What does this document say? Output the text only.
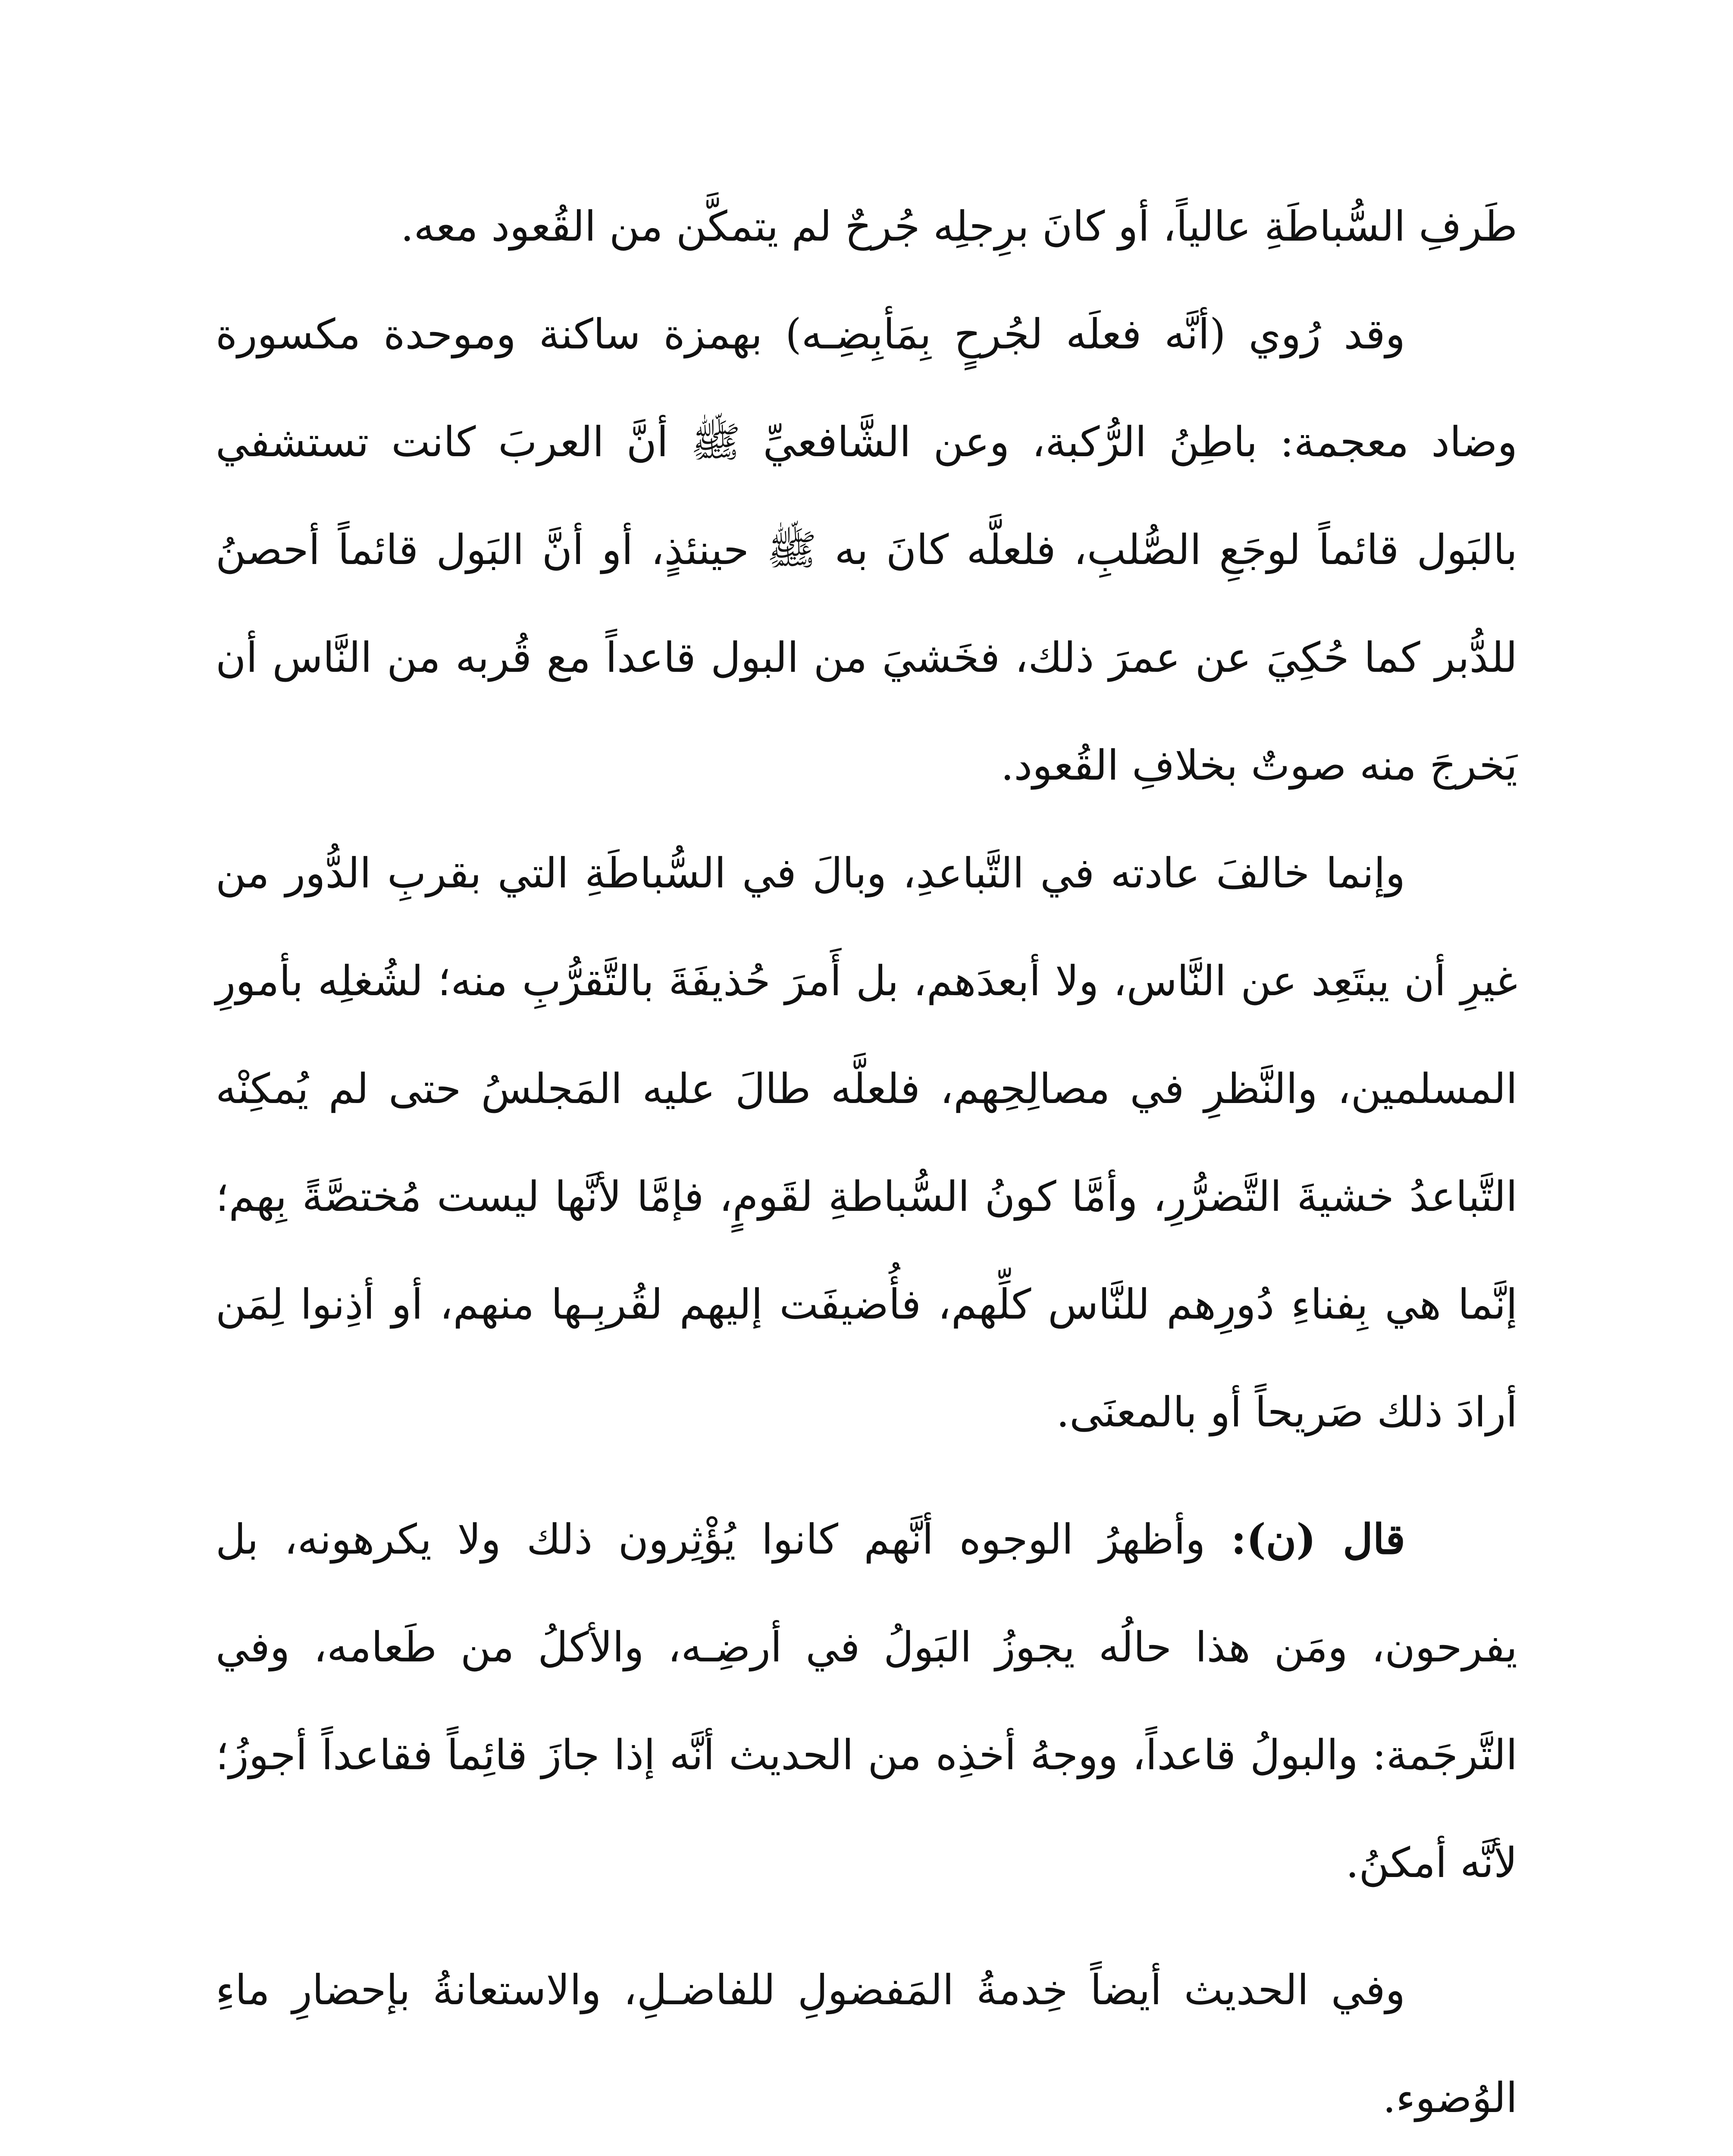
طَرفِ السُّباطَةِ عالياً، أو كانَ برِجلِه جُرحٌ لم يتمكَّن من القُعود معه.

وقد رُوي (أنَّه فعلَه لجُرحٍ بِمَأبِضِـه) بهمزة ساكنة وموحدة مكسورة وضاد معجمة: باطِنُ الرُّكبة، وعن الشَّافعيِّ ﷺ أنَّ العربَ كانت تستشفي بالبَول قائماً لوجَعِ الصُّلبِ، فلعلَّه كانَ به ﷺ حينئذٍ، أو أنَّ البَول قائماً أحصنُ للدُّبر كما حُكِيَ عن عمرَ ذلك، فخَشيَ من البول قاعداً مع قُربه من النَّاس أن يَخرجَ منه صوتٌ بخلافِ القُعود.

وإنما خالفَ عادته في التَّباعدِ، وبالَ في السُّباطَةِ التي بقربِ الدُّور من غيرِ أن يبتَعِد عن النَّاس، ولا أبعدَهم، بل أَمرَ حُذيفَةَ بالتَّقرُّبِ منه؛ لشُغلِه بأمورِ المسلمين، والنَّظرِ في مصالِحِهم، فلعلَّه طالَ عليه المَجلسُ حتى لم يُمكِنْه التَّباعدُ خشيةَ التَّضرُّرِ، وأمَّا كونُ السُّباطةِ لقَومٍ، فإمَّا لأنَّها ليست مُختصَّةً بِهم؛ إنَّما هي بِفناءِ دُورِهم للنَّاس كلِّهم، فأُضيفَت إليهم لقُربِـها منهم، أو أذِنوا لِمَن أرادَ ذلك صَريحاً أو بالمعنَى.

قال (ن): وأظهرُ الوجوه أنَّهم كانوا يُؤْثِرون ذلك ولا يكرهونه، بل يفرحون، ومَن هذا حالُه يجوزُ البَولُ في أرضِـه، والأكلُ من طَعامه، وفي التَّرجَمة: والبولُ قاعداً، ووجهُ أخذِه من الحديث أنَّه إذا جازَ قائِماً فقاعداً أجوزُ؛ لأنَّه أمكنُ.

وفي الحديث أيضاً خِدمةُ المَفضولِ للفاضـلِ، والاستعانةُ بإحضارِ ماءِ الوُضوء.
